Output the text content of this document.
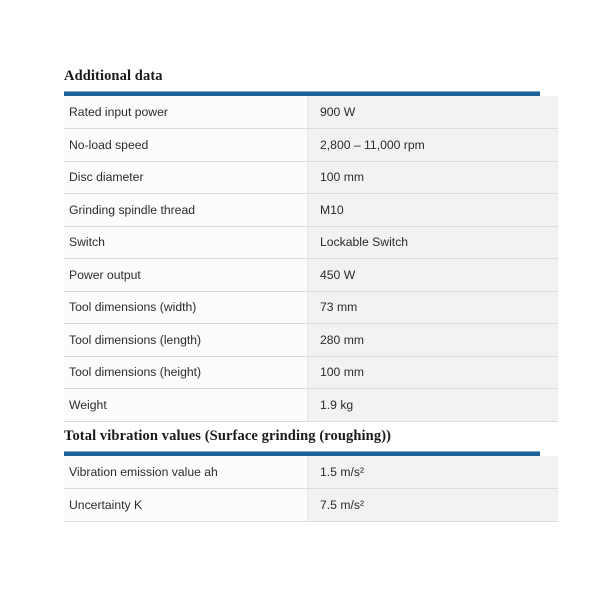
Additional data
Rated input power	900 W
No-load speed	2,800 – 11,000 rpm
Disc diameter	100 mm
Grinding spindle thread	M10
Switch	Lockable Switch
Power output	450 W
Tool dimensions (width)	73 mm
Tool dimensions (length)	280 mm
Tool dimensions (height)	100 mm
Weight	1.9 kg
Total vibration values (Surface grinding (roughing))
Vibration emission value ah	1.5 m/s²
Uncertainty K	7.5 m/s²
